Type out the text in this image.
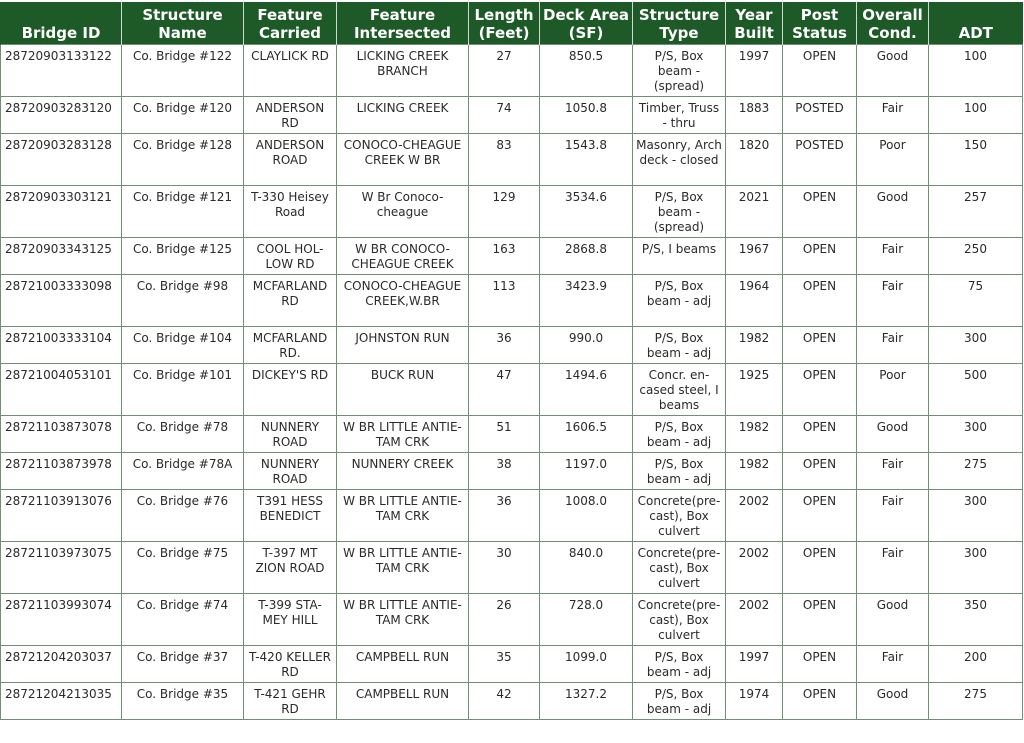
Bridge ID	Structure Name	Feature Carried	Feature Intersected	Length (Feet)	Deck Area (SF)	Structure Type	Year Built	Post Status	Overall Cond.	ADT
28720903133122	Co. Bridge #122	CLAYLICK RD	LICKING CREEK BRANCH	27	850.5	P/S, Box beam - (spread)	1997	OPEN	Good	100
28720903283120	Co. Bridge #120	ANDERSON RD	LICKING CREEK	74	1050.8	Timber, Truss - thru	1883	POSTED	Fair	100
28720903283128	Co. Bridge #128	ANDERSON ROAD	CONOCO-CHEAGUE CREEK W BR	83	1543.8	Masonry, Arch deck - closed	1820	POSTED	Poor	150
28720903303121	Co. Bridge #121	T-330 Heisey Road	W Br Conoco-cheague	129	3534.6	P/S, Box beam - (spread)	2021	OPEN	Good	257
28720903343125	Co. Bridge #125	COOL HOL-LOW RD	W BR CONOCO-CHEAGUE CREEK	163	2868.8	P/S, I beams	1967	OPEN	Fair	250
28721003333098	Co. Bridge #98	MCFARLAND RD	CONOCO-CHEAGUE CREEK,W.BR	113	3423.9	P/S, Box beam - adj	1964	OPEN	Fair	75
28721003333104	Co. Bridge #104	MCFARLAND RD.	JOHNSTON RUN	36	990.0	P/S, Box beam - adj	1982	OPEN	Fair	300
28721004053101	Co. Bridge #101	DICKEY'S RD	BUCK RUN	47	1494.6	Concr. en-cased steel, I beams	1925	OPEN	Poor	500
28721103873078	Co. Bridge #78	NUNNERY ROAD	W BR LITTLE ANTIE-TAM CRK	51	1606.5	P/S, Box beam - adj	1982	OPEN	Good	300
28721103873978	Co. Bridge #78A	NUNNERY ROAD	NUNNERY CREEK	38	1197.0	P/S, Box beam - adj	1982	OPEN	Fair	275
28721103913076	Co. Bridge #76	T391 HESS BENEDICT	W BR LITTLE ANTIE-TAM CRK	36	1008.0	Concrete(pre-cast), Box culvert	2002	OPEN	Fair	300
28721103973075	Co. Bridge #75	T-397 MT ZION ROAD	W BR LITTLE ANTIE-TAM CRK	30	840.0	Concrete(pre-cast), Box culvert	2002	OPEN	Fair	300
28721103993074	Co. Bridge #74	T-399 STA-MEY HILL	W BR LITTLE ANTIE-TAM CRK	26	728.0	Concrete(pre-cast), Box culvert	2002	OPEN	Good	350
28721204203037	Co. Bridge #37	T-420 KELLER RD	CAMPBELL RUN	35	1099.0	P/S, Box beam - adj	1997	OPEN	Fair	200
28721204213035	Co. Bridge #35	T-421 GEHR RD	CAMPBELL RUN	42	1327.2	P/S, Box beam - adj	1974	OPEN	Good	275
